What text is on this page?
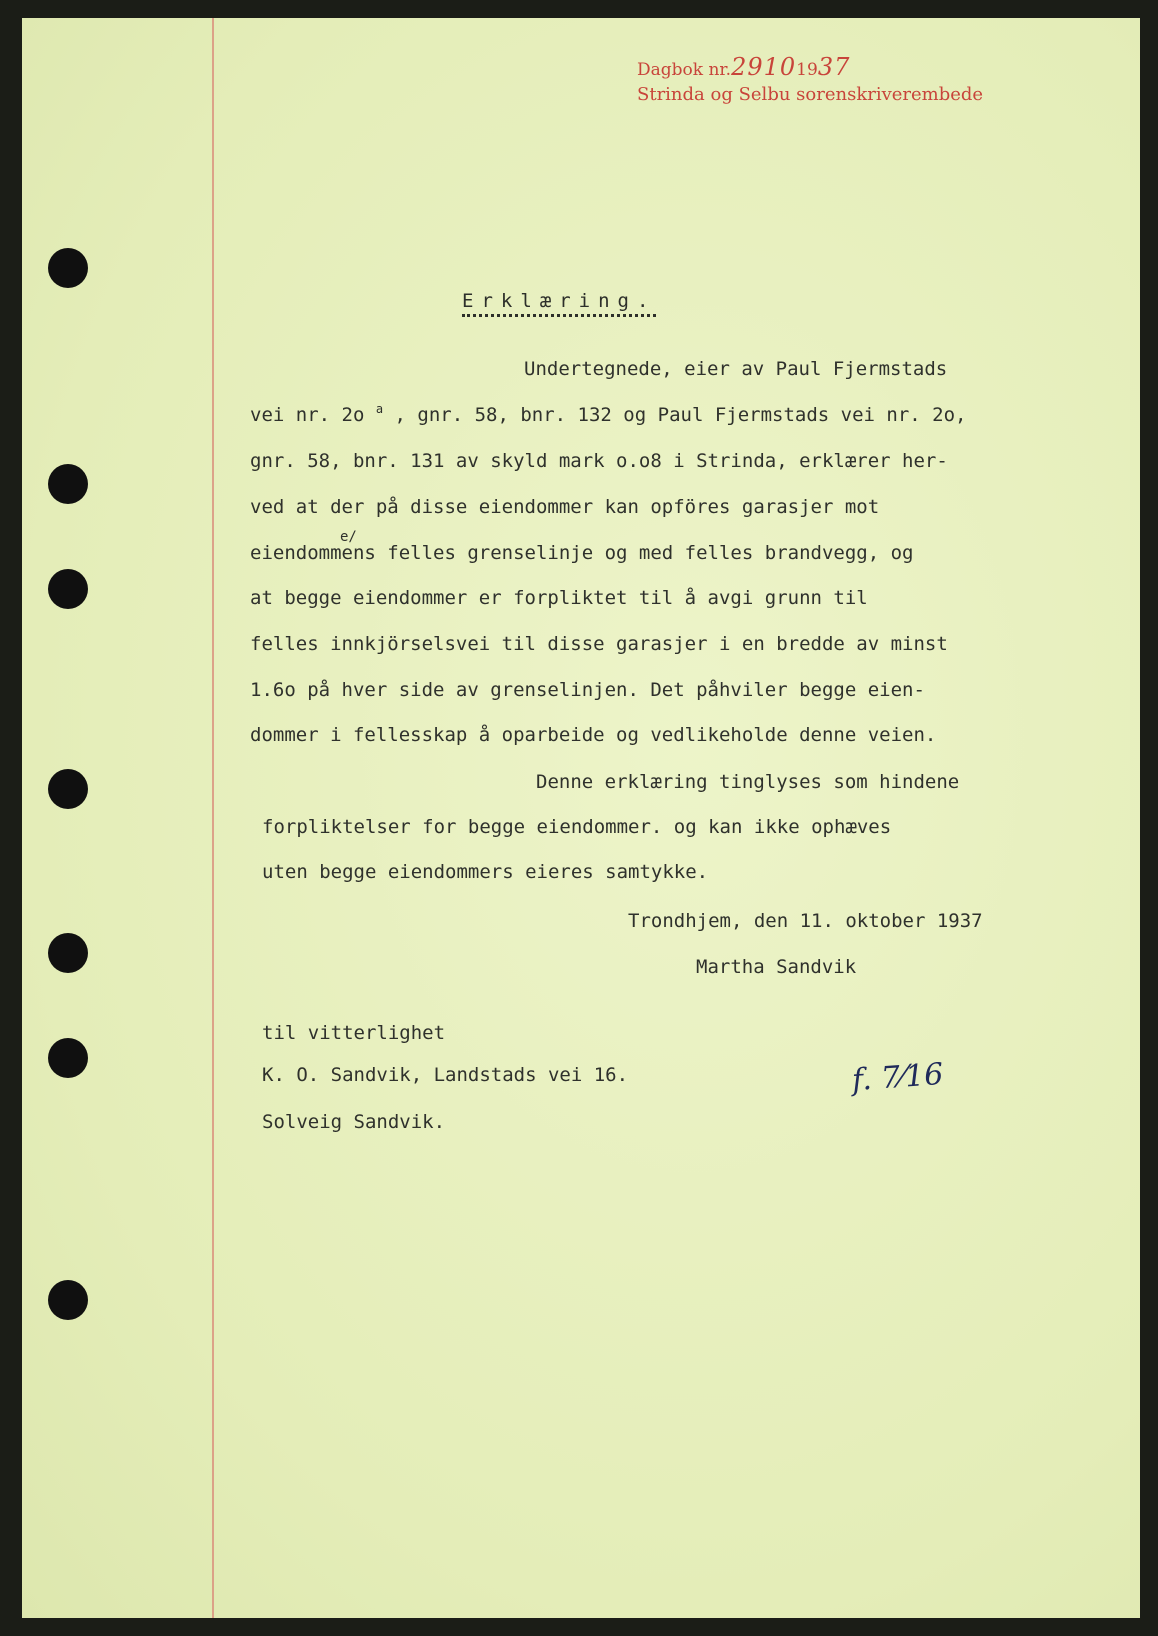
Dagbok nr.29101937
Strinda og Selbu sorenskriverembede
Erklæring.
Undertegnede, eier av Paul Fjermstads
vei nr. 2o $^a$ , gnr. 58, bnr. 132 og Paul Fjermstads vei nr. 2o,
gnr. 58, bnr. 131 av skyld mark o.o8 i Strinda, erklærer her-
ved at der på disse eiendommer kan opföres garasjer mot
e/
eiendommens felles grenselinje og med felles brandvegg, og
at begge eiendommer er forpliktet til å avgi grunn til
felles innkjörselsvei til disse garasjer i en bredde av minst
1.6o på hver side av grenselinjen. Det påhviler begge eien-
dommer i fellesskap å oparbeide og vedlikeholde denne veien.
Denne erklæring tinglyses som hindene
forpliktelser for begge eiendommer. og kan ikke ophæves
uten begge eiendommers eieres samtykke.
Trondhjem, den 11. oktober 1937
Martha Sandvik
til vitterlighet
K. O. Sandvik, Landstads vei 16.
Solveig Sandvik.
f. 7⁄16
